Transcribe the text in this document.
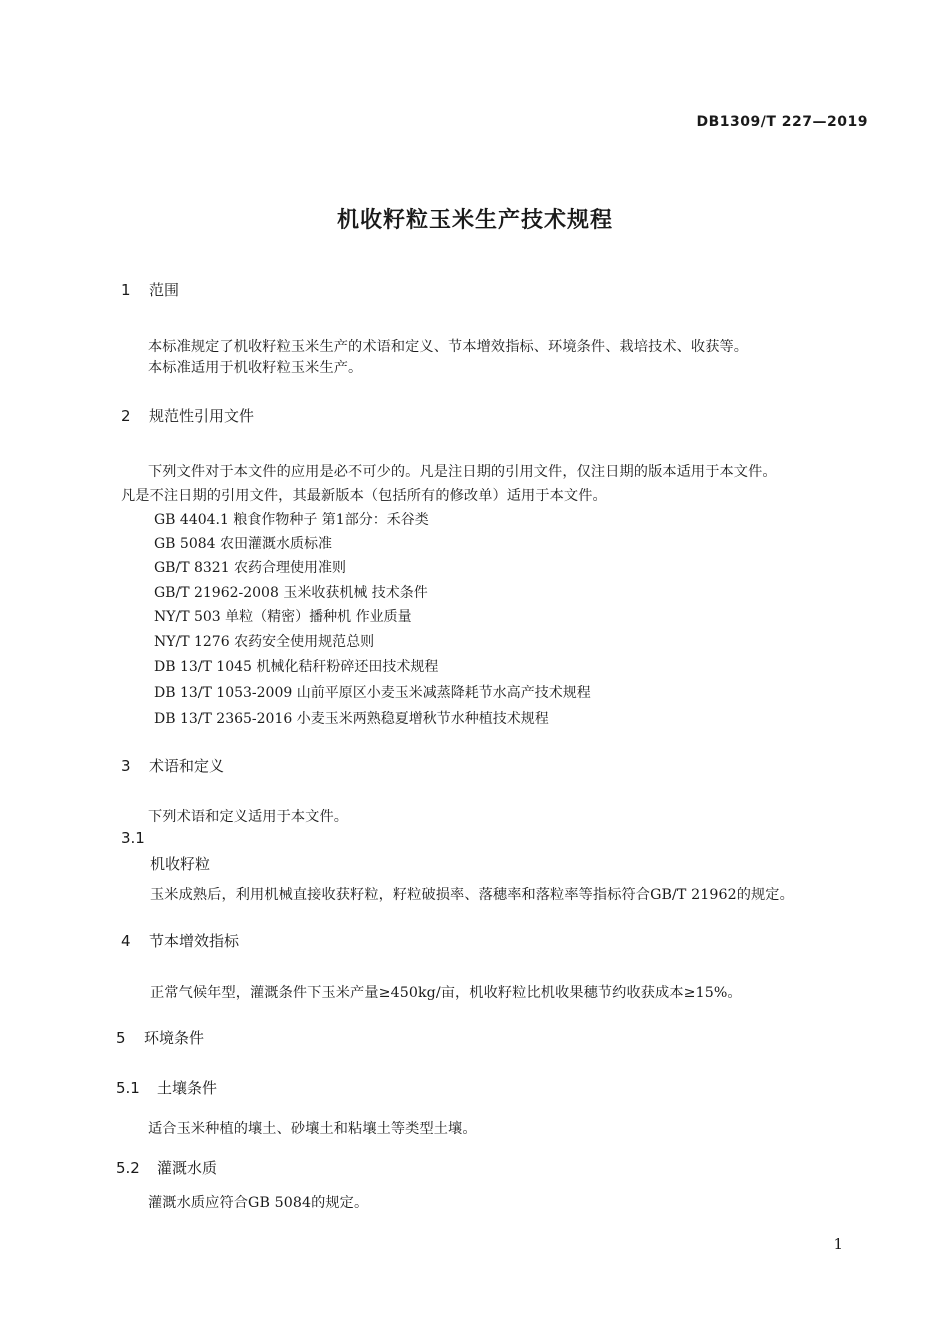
DB1309/T 227—2019
机收籽粒玉米生产技术规程
1 范围
本标准规定了机收籽粒玉米生产的术语和定义、节本增效指标、环境条件、栽培技术、收获等。
本标准适用于机收籽粒玉米生产。
2 规范性引用文件
下列文件对于本文件的应用是必不可少的。凡是注日期的引用文件，仅注日期的版本适用于本文件。
凡是不注日期的引用文件，其最新版本（包括所有的修改单）适用于本文件。
GB 4404.1 粮食作物种子 第1部分：禾谷类
GB 5084 农田灌溉水质标准
GB/T 8321 农药合理使用准则
GB/T 21962-2008 玉米收获机械 技术条件
NY/T 503 单粒（精密）播种机 作业质量
NY/T 1276 农药安全使用规范总则
DB 13/T 1045 机械化秸秆粉碎还田技术规程
DB 13/T 1053-2009 山前平原区小麦玉米减蒸降耗节水高产技术规程
DB 13/T 2365-2016 小麦玉米两熟稳夏增秋节水种植技术规程
3 术语和定义
下列术语和定义适用于本文件。
3.1
机收籽粒
玉米成熟后，利用机械直接收获籽粒，籽粒破损率、落穗率和落粒率等指标符合GB/T 21962的规定。
4 节本增效指标
正常气候年型，灌溉条件下玉米产量≥450kg/亩，机收籽粒比机收果穗节约收获成本≥15%。
5 环境条件
5.1 土壤条件
适合玉米种植的壤土、砂壤土和粘壤土等类型土壤。
5.2 灌溉水质
灌溉水质应符合GB 5084的规定。
1
